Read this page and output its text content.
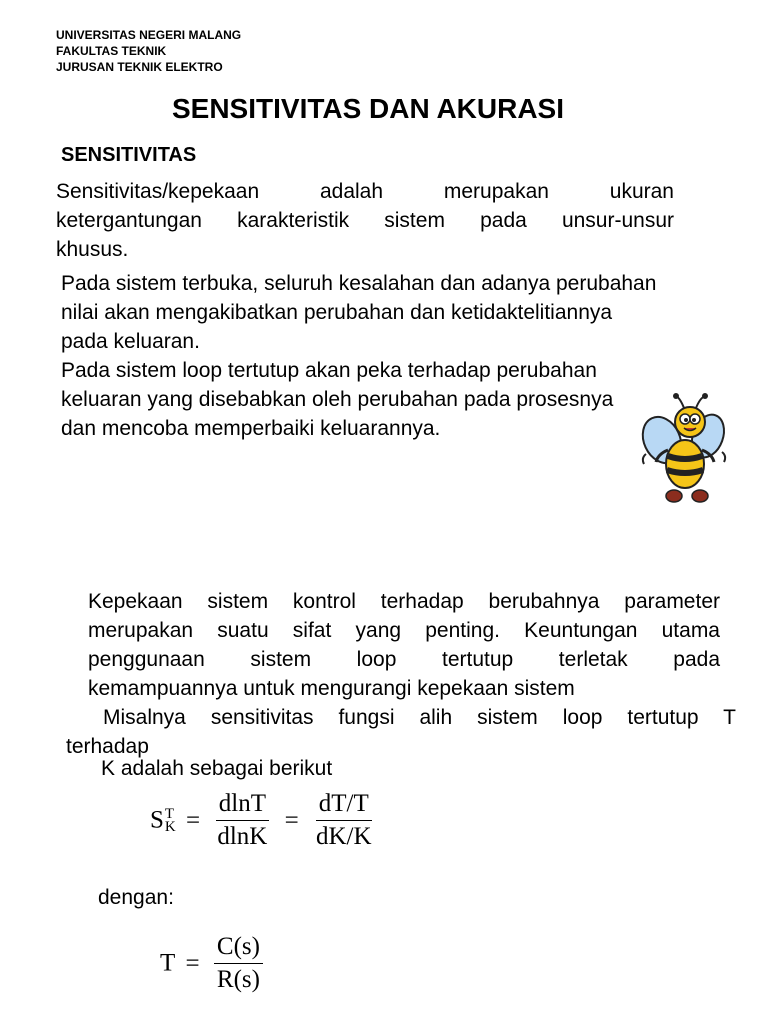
UNIVERSITAS NEGERI MALANG
FAKULTAS TEKNIK
JURUSAN TEKNIK ELEKTRO
SENSITIVITAS DAN AKURASI
SENSITIVITAS
Sensitivitas/kepekaan adalah merupakan ukuran
ketergantungan karakteristik sistem pada unsur-unsur
khusus.
Pada sistem terbuka, seluruh kesalahan dan adanya perubahan
nilai akan mengakibatkan perubahan dan ketidaktelitiannya
pada keluaran.
Pada sistem loop tertutup akan peka terhadap perubahan
keluaran yang disebabkan oleh perubahan pada prosesnya
dan mencoba memperbaiki keluarannya.
Kepekaan sistem kontrol terhadap berubahnya parameter
merupakan suatu sifat yang penting. Keuntungan utama
penggunaan sistem loop tertutup terletak pada
kemampuannya untuk mengurangi kepekaan sistem
Misalnya sensitivitas fungsi alih sistem loop tertutup T
terhadap
K adalah sebagai berikut
S T
$K = \frac{dlnT}{dlnK} = \frac{dT/T}{dK/K}$
dengan:
$T = \frac{C(s)}{R(s)}$
